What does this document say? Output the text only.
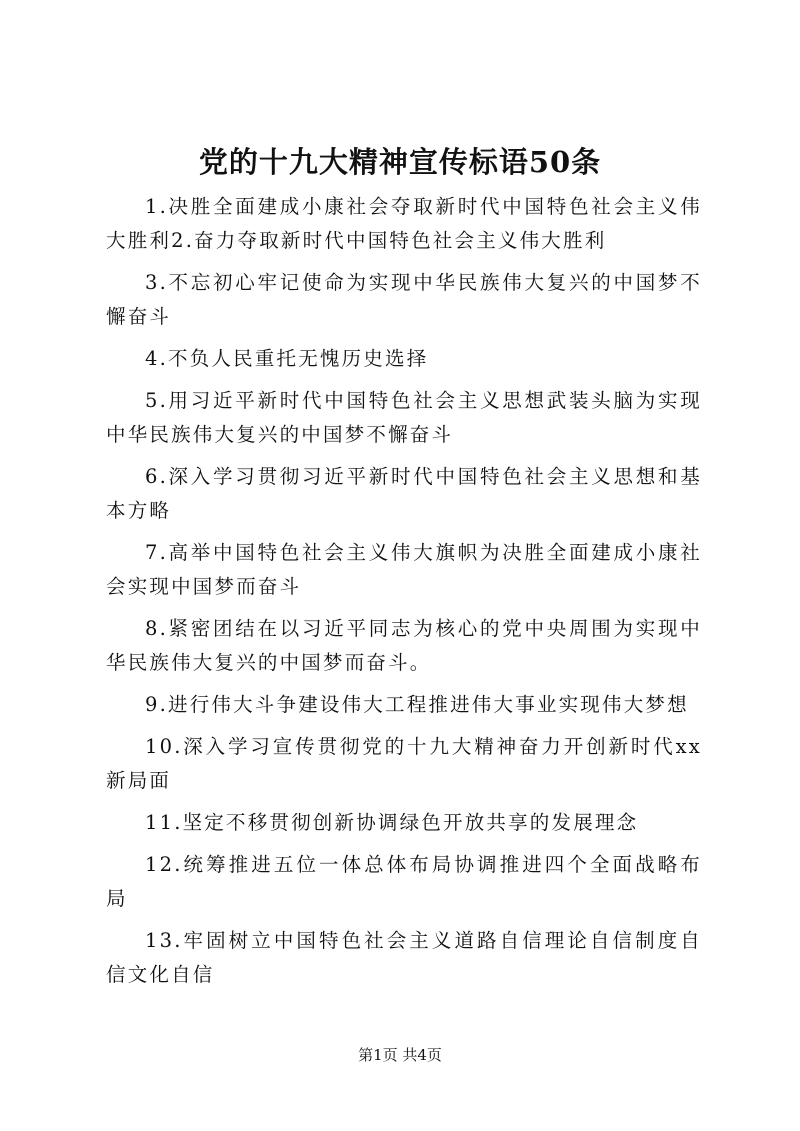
党的十九大精神宣传标语50条

1.决胜全面建成小康社会夺取新时代中国特色社会主义伟大胜利2.奋力夺取新时代中国特色社会主义伟大胜利

3.不忘初心牢记使命为实现中华民族伟大复兴的中国梦不懈奋斗

4.不负人民重托无愧历史选择

5.用习近平新时代中国特色社会主义思想武装头脑为实现中华民族伟大复兴的中国梦不懈奋斗

6.深入学习贯彻习近平新时代中国特色社会主义思想和基本方略

7.高举中国特色社会主义伟大旗帜为决胜全面建成小康社会实现中国梦而奋斗

8.紧密团结在以习近平同志为核心的党中央周围为实现中华民族伟大复兴的中国梦而奋斗。

9.进行伟大斗争建设伟大工程推进伟大事业实现伟大梦想

10.深入学习宣传贯彻党的十九大精神奋力开创新时代xx新局面

11.坚定不移贯彻创新协调绿色开放共享的发展理念

12.统筹推进五位一体总体布局协调推进四个全面战略布局

13.牢固树立中国特色社会主义道路自信理论自信制度自信文化自信

第1页 共4页
